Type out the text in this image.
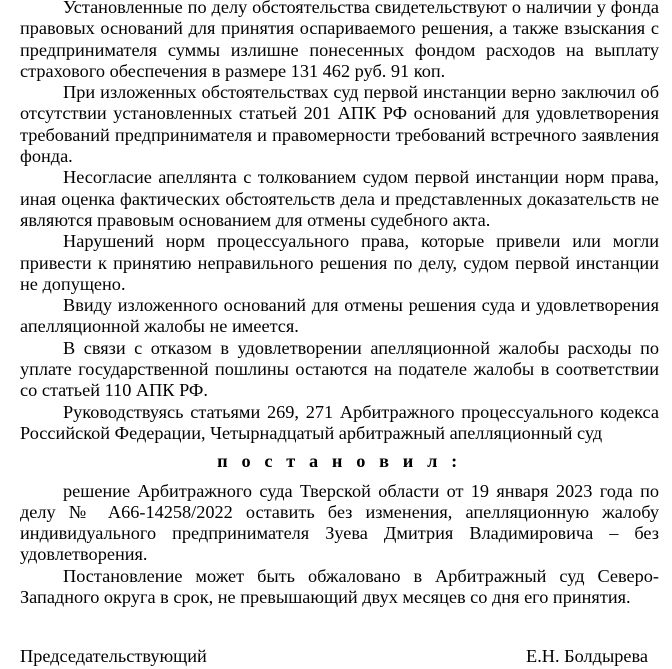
Установленные по делу обстоятельства свидетельствуют о наличии у фонда правовых оснований для принятия оспариваемого решения, а также взыскания с предпринимателя суммы излишне понесенных фондом расходов на выплату страхового обеспечения в размере 131 462 руб. 91 коп.

При изложенных обстоятельствах суд первой инстанции верно заключил об отсутствии установленных статьей 201 АПК РФ оснований для удовлетворения требований предпринимателя и правомерности требований встречного заявления фонда.

Несогласие апеллянта с толкованием судом первой инстанции норм права, иная оценка фактических обстоятельств дела и представленных доказательств не являются правовым основанием для отмены судебного акта.

Нарушений норм процессуального права, которые привели или могли привести к принятию неправильного решения по делу, судом первой инстанции не допущено.

Ввиду изложенного оснований для отмены решения суда и удовлетворения апелляционной жалобы не имеется.

В связи с отказом в удовлетворении апелляционной жалобы расходы по уплате государственной пошлины остаются на подателе жалобы в соответствии со статьей 110 АПК РФ.

Руководствуясь статьями 269, 271 Арбитражного процессуального кодекса Российской Федерации, Четырнадцатый арбитражный апелляционный суд

п о с т а н о в и л :

решение Арбитражного суда Тверской области от 19 января 2023 года по делу № А66-14258/2022 оставить без изменения, апелляционную жалобу индивидуального предпринимателя Зуева Дмитрия Владимировича – без удовлетворения.

Постановление может быть обжаловано в Арбитражный суд Северо-Западного округа в срок, не превышающий двух месяцев со дня его принятия.

Председательствующий	Е.Н. Болдырева
